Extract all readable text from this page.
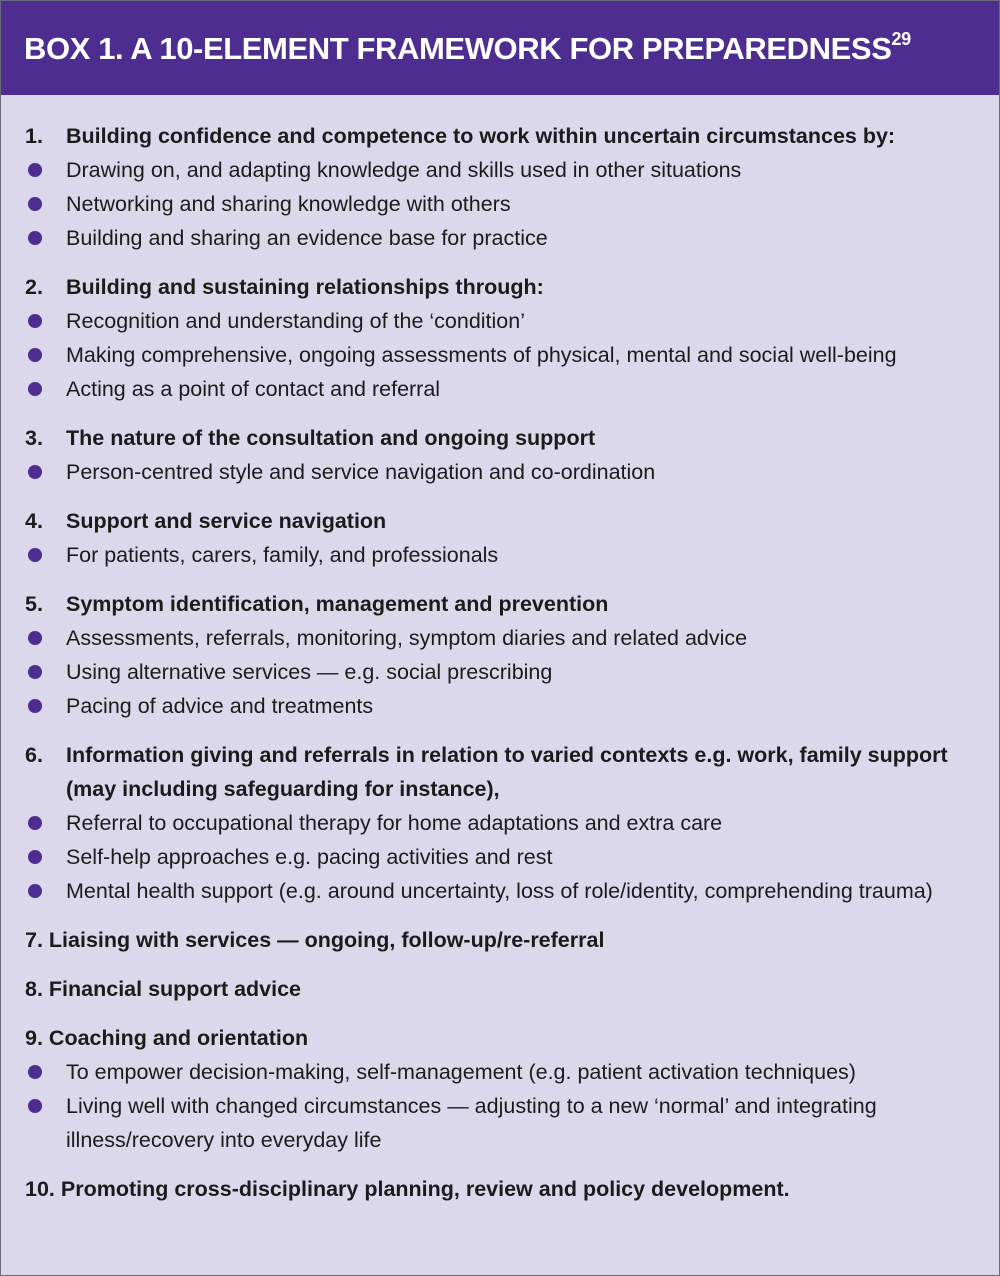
BOX 1. A 10-ELEMENT FRAMEWORK FOR PREPAREDNESS$^{29}$
1.	Building confidence and competence to work within uncertain circumstances by:
Drawing on, and adapting knowledge and skills used in other situations
Networking and sharing knowledge with others
Building and sharing an evidence base for practice
2.	Building and sustaining relationships through:
Recognition and understanding of the ‘condition’
Making comprehensive, ongoing assessments of physical, mental and social well-being
Acting as a point of contact and referral
3.	The nature of the consultation and ongoing support
Person-centred style and service navigation and co-ordination
4.	Support and service navigation
For patients, carers, family, and professionals
5.	Symptom identification, management and prevention
Assessments, referrals, monitoring, symptom diaries and related advice
Using alternative services — e.g. social prescribing
Pacing of advice and treatments
6.	Information giving and referrals in relation to varied contexts e.g. work, family support (may including safeguarding for instance),
Referral to occupational therapy for home adaptations and extra care
Self-help approaches e.g. pacing activities and rest
Mental health support (e.g. around uncertainty, loss of role/identity, comprehending trauma)
7. Liaising with services — ongoing, follow-up/re-referral
8. Financial support advice
9. Coaching and orientation
To empower decision-making, self-management (e.g. patient activation techniques)
Living well with changed circumstances — adjusting to a new ‘normal’ and integrating illness/recovery into everyday life
10. Promoting cross-disciplinary planning, review and policy development.
